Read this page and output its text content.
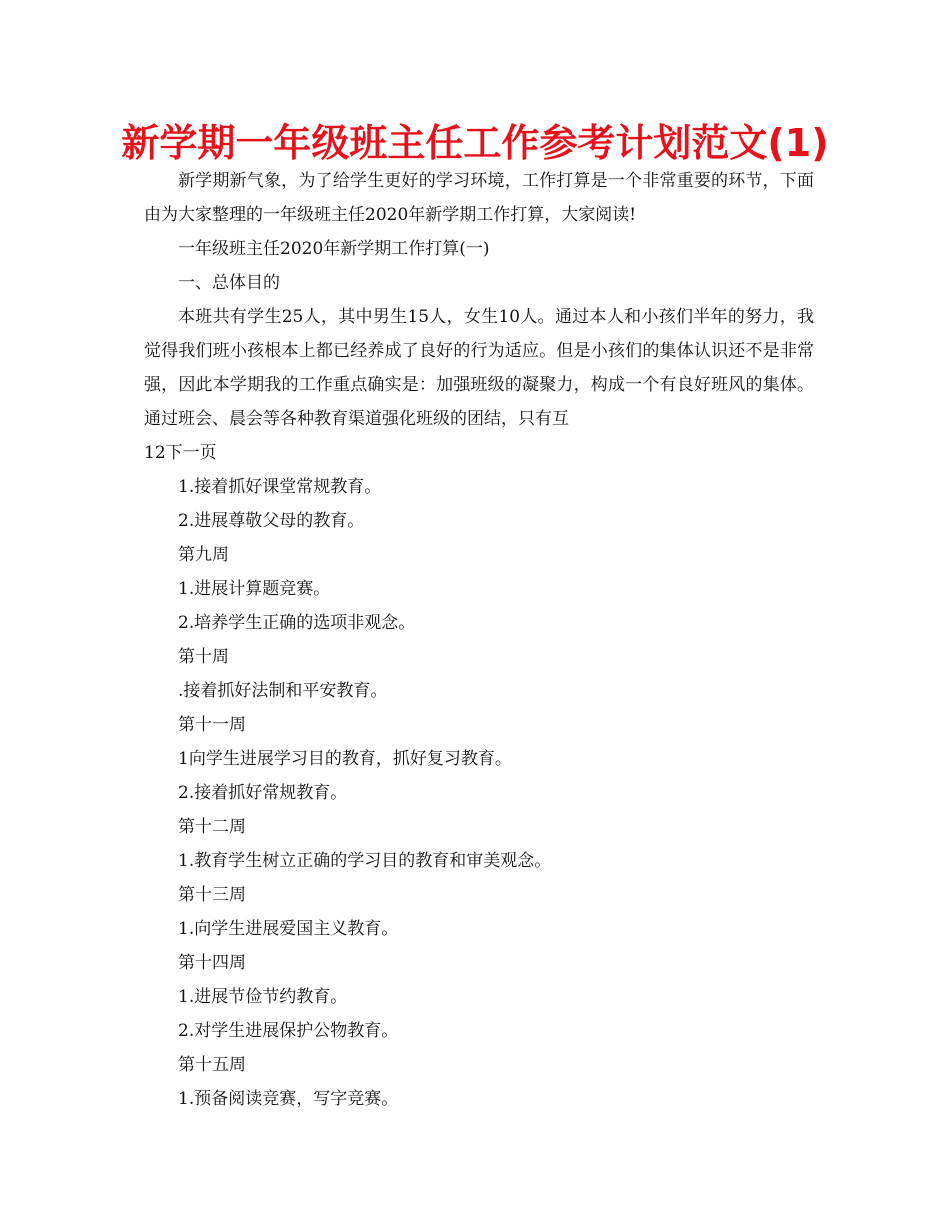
新学期一年级班主任工作参考计划范文(1)

新学期新气象，为了给学生更好的学习环境，工作打算是一个非常重要的环节，下面由为大家整理的一年级班主任2020年新学期工作打算，大家阅读!

一年级班主任2020年新学期工作打算(一)

一、总体目的

本班共有学生25人，其中男生15人，女生10人。通过本人和小孩们半年的努力，我觉得我们班小孩根本上都已经养成了良好的行为适应。但是小孩们的集体认识还不是非常强，因此本学期我的工作重点确实是：加强班级的凝聚力，构成一个有良好班风的集体。通过班会、晨会等各种教育渠道强化班级的团结，只有互

12下一页

1.接着抓好课堂常规教育。

2.进展尊敬父母的教育。

第九周

1.进展计算题竞赛。

2.培养学生正确的选项非观念。

第十周

.接着抓好法制和平安教育。

第十一周

1向学生进展学习目的教育，抓好复习教育。

2.接着抓好常规教育。

第十二周

1.教育学生树立正确的学习目的教育和审美观念。

第十三周

1.向学生进展爱国主义教育。

第十四周

1.进展节俭节约教育。

2.对学生进展保护公物教育。

第十五周

1.预备阅读竞赛，写字竞赛。
